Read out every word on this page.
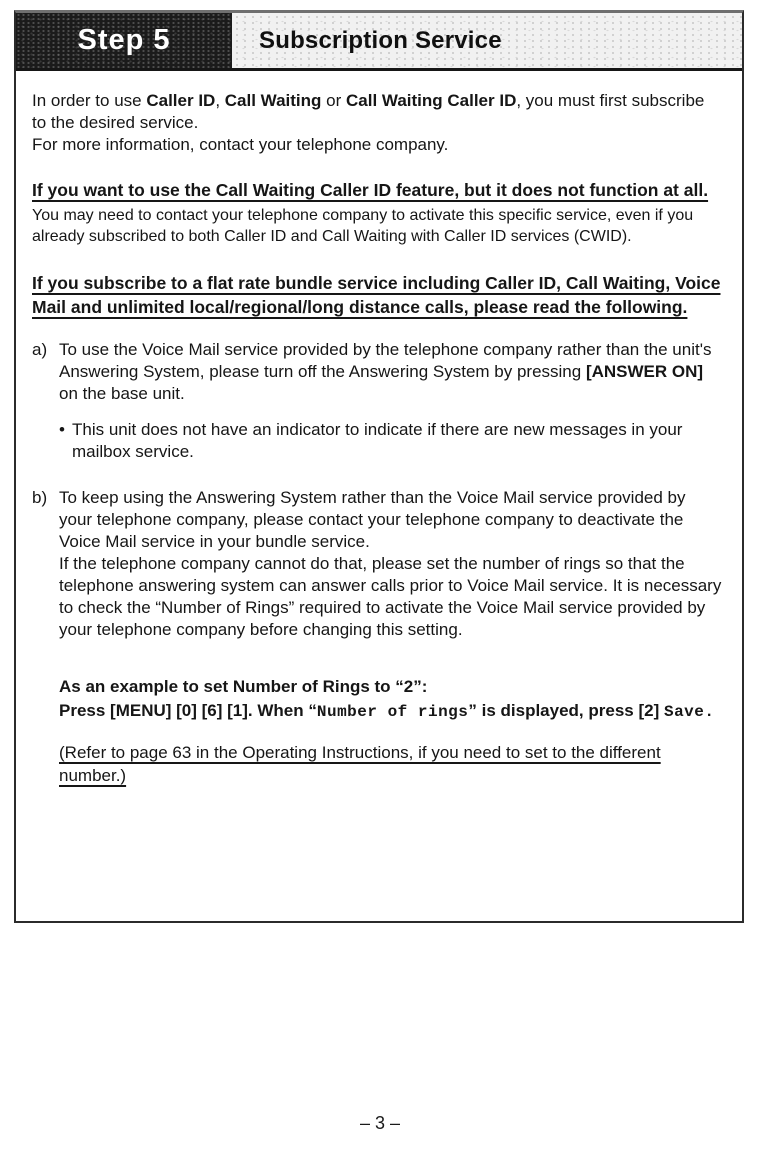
Step 5	Subscription Service
In order to use Caller ID, Call Waiting or Call Waiting Caller ID, you must first subscribe to the desired service.
For more information, contact your telephone company.
If you want to use the Call Waiting Caller ID feature, but it does not function at all.
You may need to contact your telephone company to activate this specific service, even if you already subscribed to both Caller ID and Call Waiting with Caller ID services (CWID).
If you subscribe to a flat rate bundle service including Caller ID, Call Waiting, Voice Mail and unlimited local/regional/long distance calls, please read the following.
a) To use the Voice Mail service provided by the telephone company rather than the unit's Answering System, please turn off the Answering System by pressing [ANSWER ON] on the base unit.
• This unit does not have an indicator to indicate if there are new messages in your mailbox service.
b) To keep using the Answering System rather than the Voice Mail service provided by your telephone company, please contact your telephone company to deactivate the Voice Mail service in your bundle service.
If the telephone company cannot do that, please set the number of rings so that the telephone answering system can answer calls prior to Voice Mail service. It is necessary to check the “Number of Rings” required to activate the Voice Mail service provided by your telephone company before changing this setting.
As an example to set Number of Rings to “2”:
Press [MENU] [0] [6] [1]. When “Number of rings” is displayed, press [2] Save.
(Refer to page 63 in the Operating Instructions, if you need to set to the different number.)
– 3 –
